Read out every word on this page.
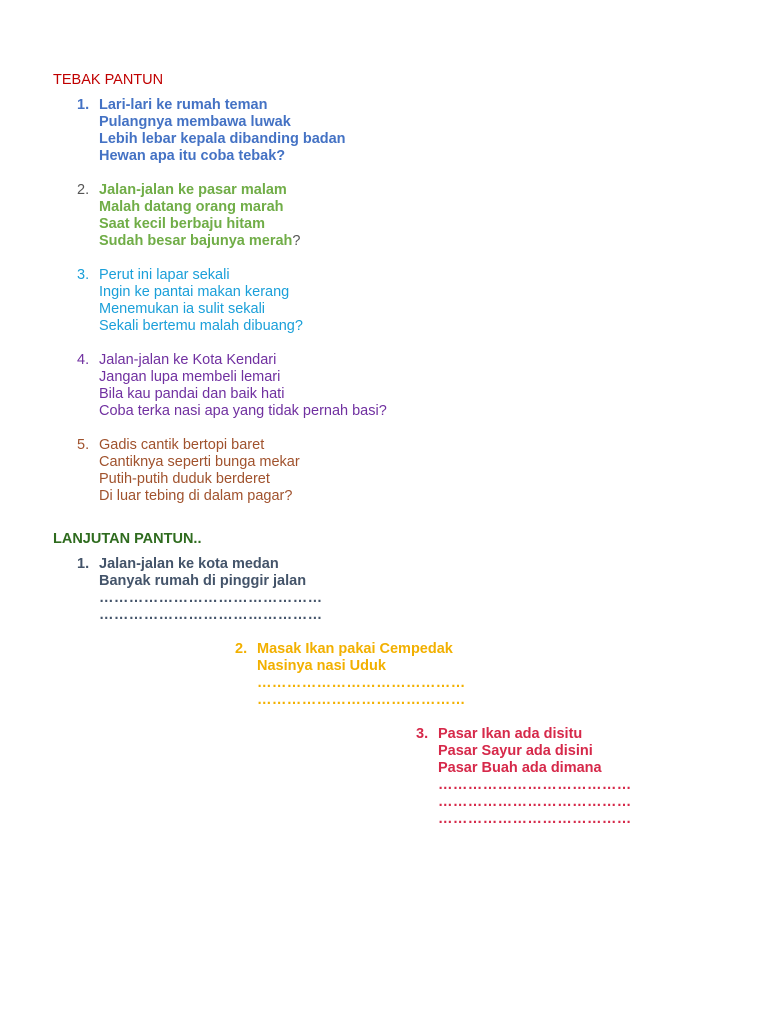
TEBAK PANTUN
1. Lari-lari ke rumah teman
Pulangnya membawa luwak
Lebih lebar kepala dibanding badan
Hewan apa itu coba tebak?
2. Jalan-jalan ke pasar malam
Malah datang orang marah
Saat kecil berbaju hitam
Sudah besar bajunya merah?
3. Perut ini lapar sekali
Ingin ke pantai makan kerang
Menemukan ia sulit sekali
Sekali bertemu malah dibuang?
4. Jalan-jalan ke Kota Kendari
Jangan lupa membeli lemari
Bila kau pandai dan baik hati
Coba terka nasi apa yang tidak pernah basi?
5. Gadis cantik bertopi baret
Cantiknya seperti bunga mekar
Putih-putih duduk berderet
Di luar tebing di dalam pagar?
LANJUTAN PANTUN..
1. Jalan-jalan ke kota medan
Banyak rumah di pinggir jalan
………………………………………
………………………………………
2. Masak Ikan pakai Cempedak
Nasinya nasi Uduk
……………………………………
……………………………………
3. Pasar Ikan ada disitu
Pasar Sayur ada disini
Pasar Buah ada dimana
…………………………………
…………………………………
…………………………………
